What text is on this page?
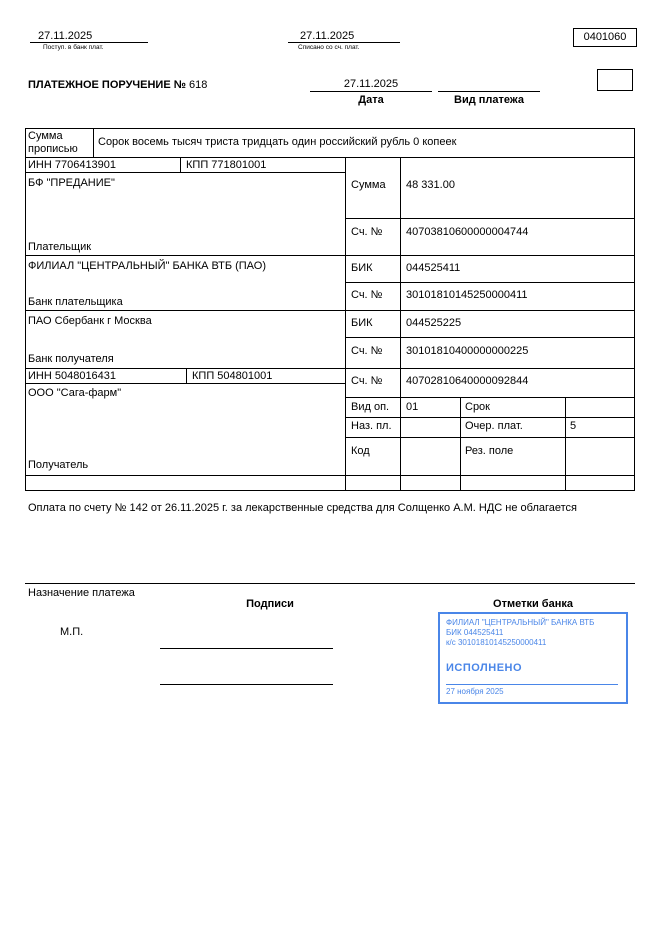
27.11.2025
Поступ. в банк плат.
27.11.2025
Списано со сч. плат.
0401060
ПЛАТЕЖНОЕ ПОРУЧЕНИЕ № 618	27.11.2025
Дата	Вид платежа
Сумма прописью
Сорок восемь тысяч триста тридцать один российский рубль 0 копеек
ИНН 7706413901	КПП 771801001
БФ "ПРЕДАНИЕ"
Плательщик
Сумма 48 331.00
Сч. № 40703810600000004744
ФИЛИАЛ "ЦЕНТРАЛЬНЫЙ" БАНКА ВТБ (ПАО)
Банк плательщика
БИК	044525411
Сч. № 30101810145250000411
ПАО Сбербанк г Москва
Банк получателя
БИК	044525225
Сч. № 30101810400000000225
ИНН 5048016431	КПП 504801001
ООО "Сага-фарм"
Получатель
Сч. № 40702810640000092844
Вид оп. 01	Срок
Наз. пл.	Очер. плат.	5
Код	Рез. поле
Оплата по счету № 142 от 26.11.2025 г. за лекарственные средства для Солщенко А.М. НДС не облагается
Назначение платежа
Подписи	Отметки банка
М.П.
ФИЛИАЛ "ЦЕНТРАЛЬНЫЙ" БАНКА ВТБ
БИК 044525411
к/с 30101810145250000411
ИСПОЛНЕНО
27 ноября 2025
